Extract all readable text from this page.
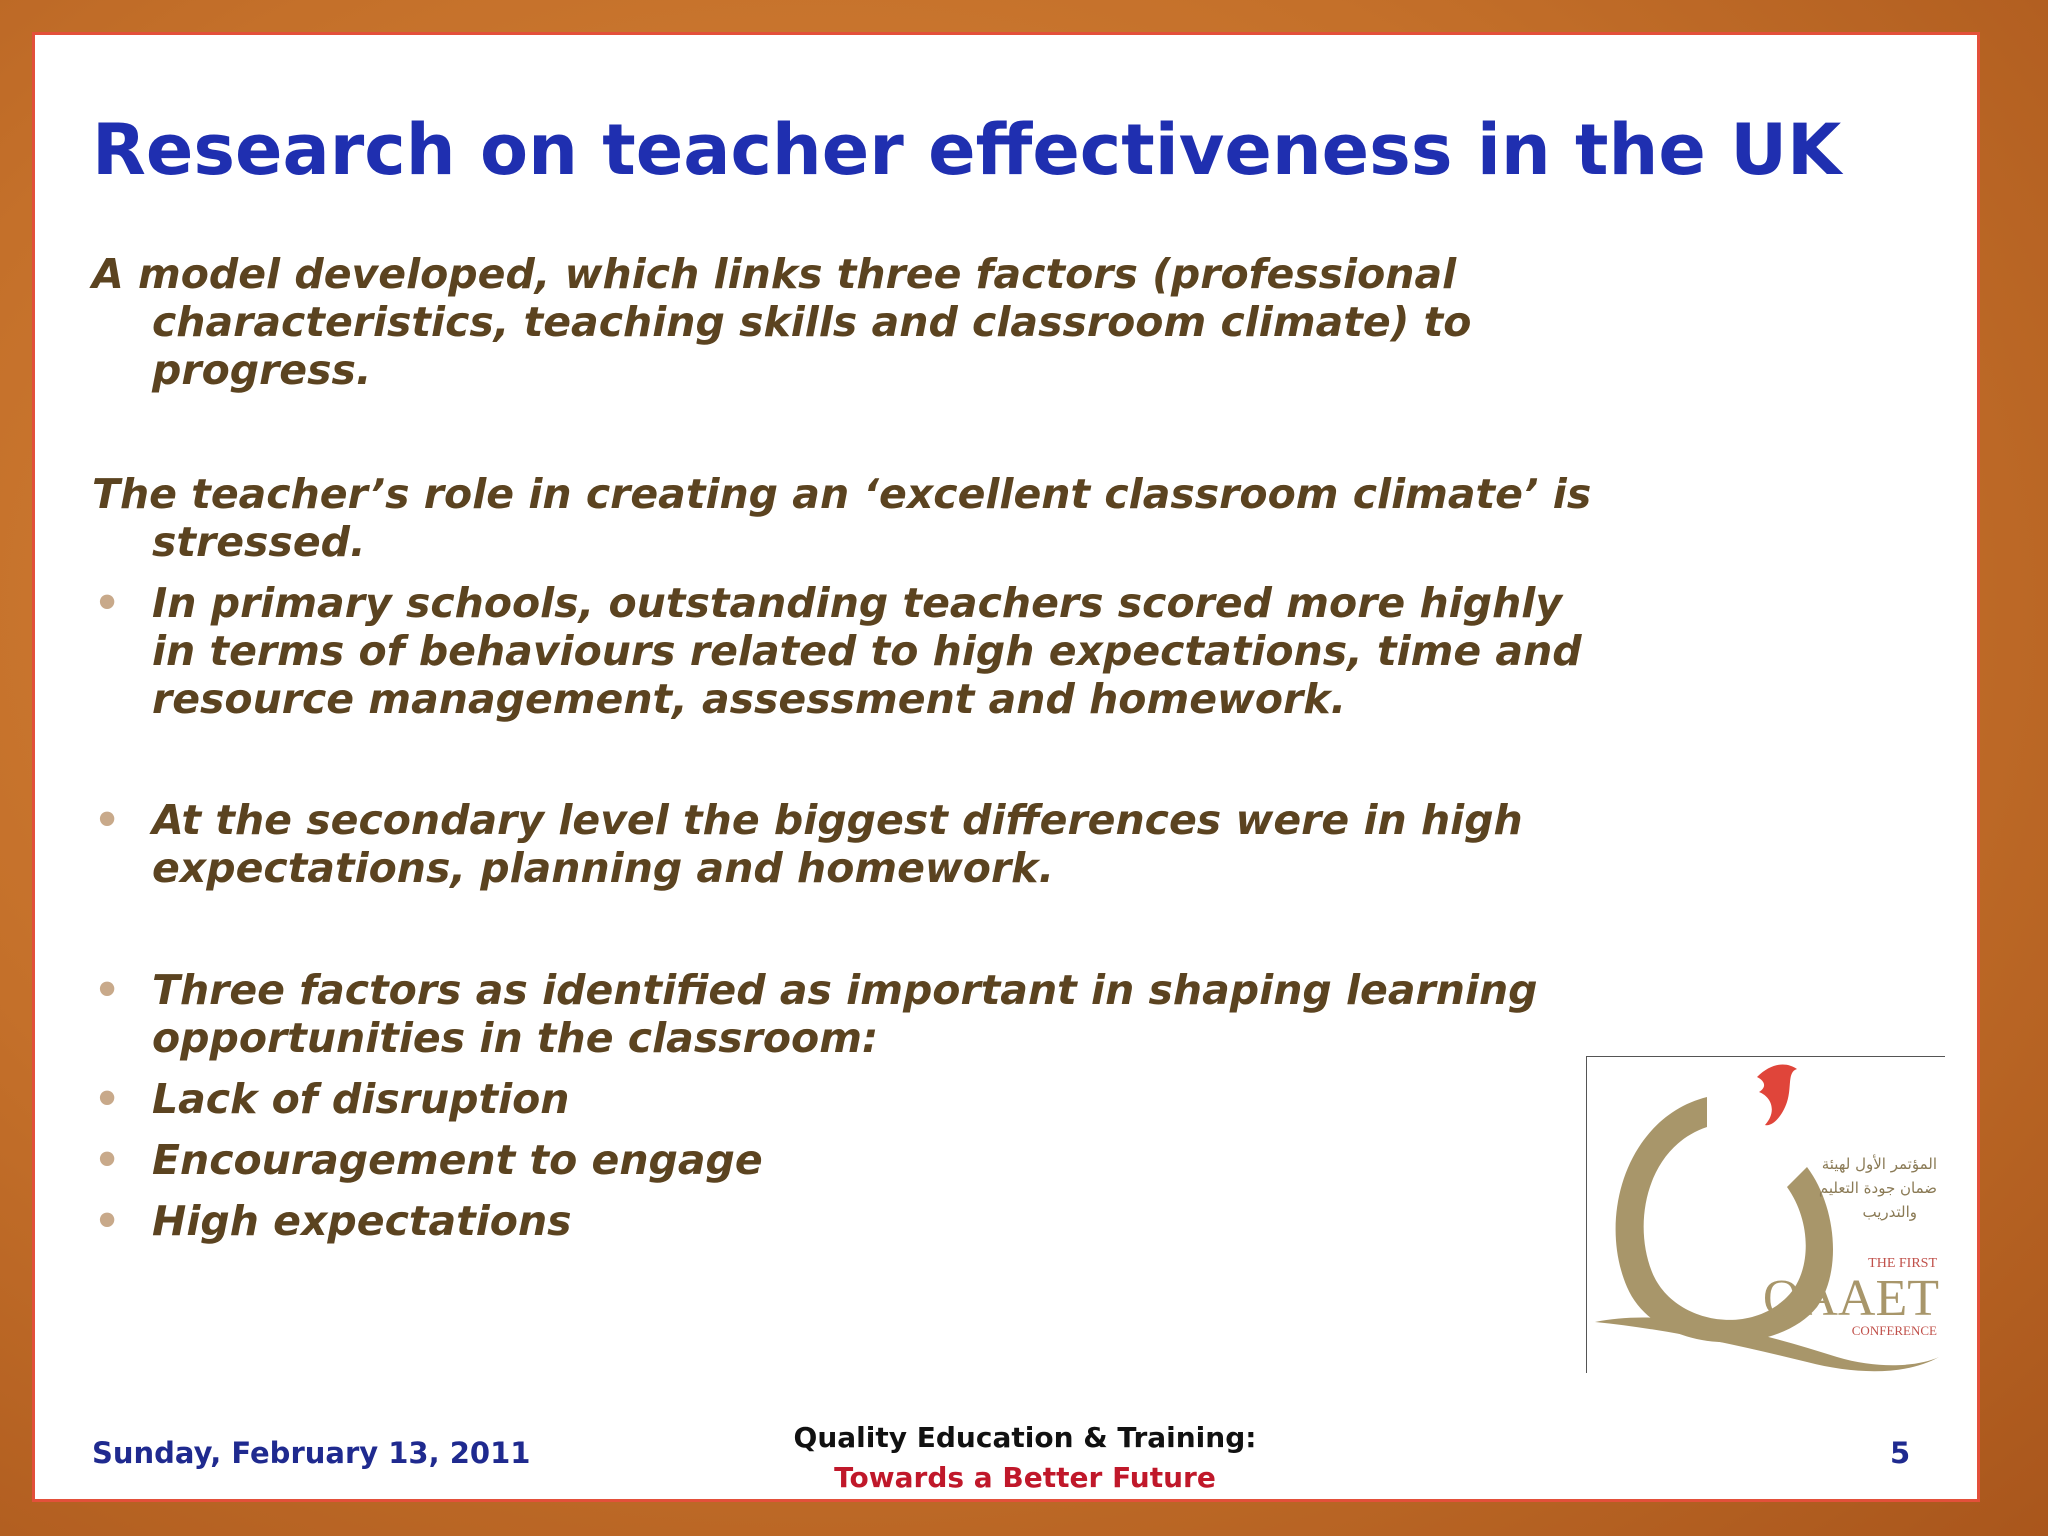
Research on teacher effectiveness in the UK

A model developed, which links three factors (professional characteristics, teaching skills and classroom climate) to progress.

The teacher’s role in creating an ‘excellent classroom climate’ is stressed.

• In primary schools, outstanding teachers scored more highly in terms of behaviours related to high expectations, time and resource management, assessment and homework.
• At the secondary level the biggest differences were in high expectations, planning and homework.
• Three factors as identified as important in shaping learning opportunities in the classroom:
• Lack of disruption
• Encouragement to engage
• High expectations
المؤتمر الأول لهيئة
ضمان جودة التعليم
والتدريب
THE FIRST
QAAET
CONFERENCE
Sunday, February 13, 2011	Quality Education & Training:
Towards a Better Future
5
